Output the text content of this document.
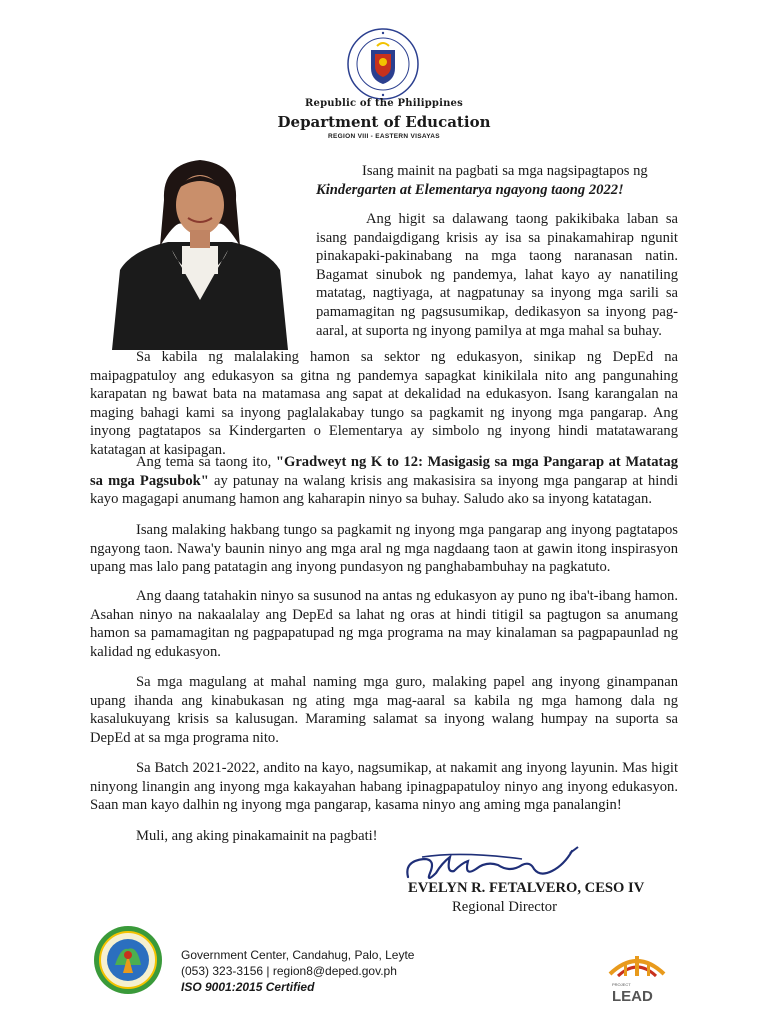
Republic of the Philippines
Department of Education
REGION VIII - EASTERN VISAYAS

Isang mainit na pagbati sa mga nagsipagtapos ng

Kindergarten at Elementarya ngayong taong 2022!

Ang higit sa dalawang taong pakikibaka laban sa isang pandaigdigang krisis ay isa sa pinakamahirap ngunit pinakapaki-pakinabang na mga taong naranasan natin. Bagamat sinubok ng pandemya, lahat kayo ay nanatiling matatag, nagtiyaga, at nagpatunay sa inyong mga sarili sa pamamagitan ng pagsusumikap, dedikasyon sa inyong pag-aaral, at suporta ng inyong pamilya at mga mahal sa buhay.

Sa kabila ng malalaking hamon sa sektor ng edukasyon, sinikap ng DepEd na maipagpatuloy ang edukasyon sa gitna ng pandemya sapagkat kinikilala nito ang pangunahing karapatan ng bawat bata na matamasa ang sapat at dekalidad na edukasyon. Isang karangalan na maging bahagi kami sa inyong paglalakabay tungo sa pagkamit ng inyong mga pangarap. Ang inyong pagtatapos sa Kindergarten o Elementarya ay simbolo ng inyong hindi matatawarang katatagan at kasipagan.

Ang tema sa taong ito, "Gradweyt ng K to 12: Masigasig sa mga Pangarap at Matatag sa mga Pagsubok" ay patunay na walang krisis ang makasisira sa inyong mga pangarap at hindi kayo magagapi anumang hamon ang kaharapin ninyo sa buhay. Saludo ako sa inyong katatagan.

Isang malaking hakbang tungo sa pagkamit ng inyong mga pangarap ang inyong pagtatapos ngayong taon. Nawa'y baunin ninyo ang mga aral ng mga nagdaang taon at gawin itong inspirasyon upang mas lalo pang patatagin ang inyong pundasyon ng panghabambuhay na pagkatuto.

Ang daang tatahakin ninyo sa susunod na antas ng edukasyon ay puno ng iba't-ibang hamon. Asahan ninyo na nakaalalay ang DepEd sa lahat ng oras at hindi titigil sa pagtugon sa anumang hamon sa pamamagitan ng pagpapatupad ng mga programa na may kinalaman sa pagpapaunlad ng kalidad ng edukasyon.

Sa mga magulang at mahal naming mga guro, malaking papel ang inyong ginampanan upang ihanda ang kinabukasan ng ating mga mag-aaral sa kabila ng mga hamong dala ng kasalukuyang krisis sa kalusugan. Maraming salamat sa inyong walang humpay na suporta sa DepEd at sa mga programa nito.

Sa Batch 2021-2022, andito na kayo, nagsumikap, at nakamit ang inyong layunin. Mas higit ninyong linangin ang inyong mga kakayahan habang ipinagpapatuloy ninyo ang inyong edukasyon. Saan man kayo dalhin ng inyong mga pangarap, kasama ninyo ang aming mga panalangin!

Muli, ang aking pinakamainit na pagbati!

EVELYN R. FETALVERO, CESO IV
Regional Director
Government Center, Candahug, Palo, Leyte
(053) 323-3156 | region8@deped.gov.ph
ISO 9001:2015 Certified	PROJECT
LEAD
